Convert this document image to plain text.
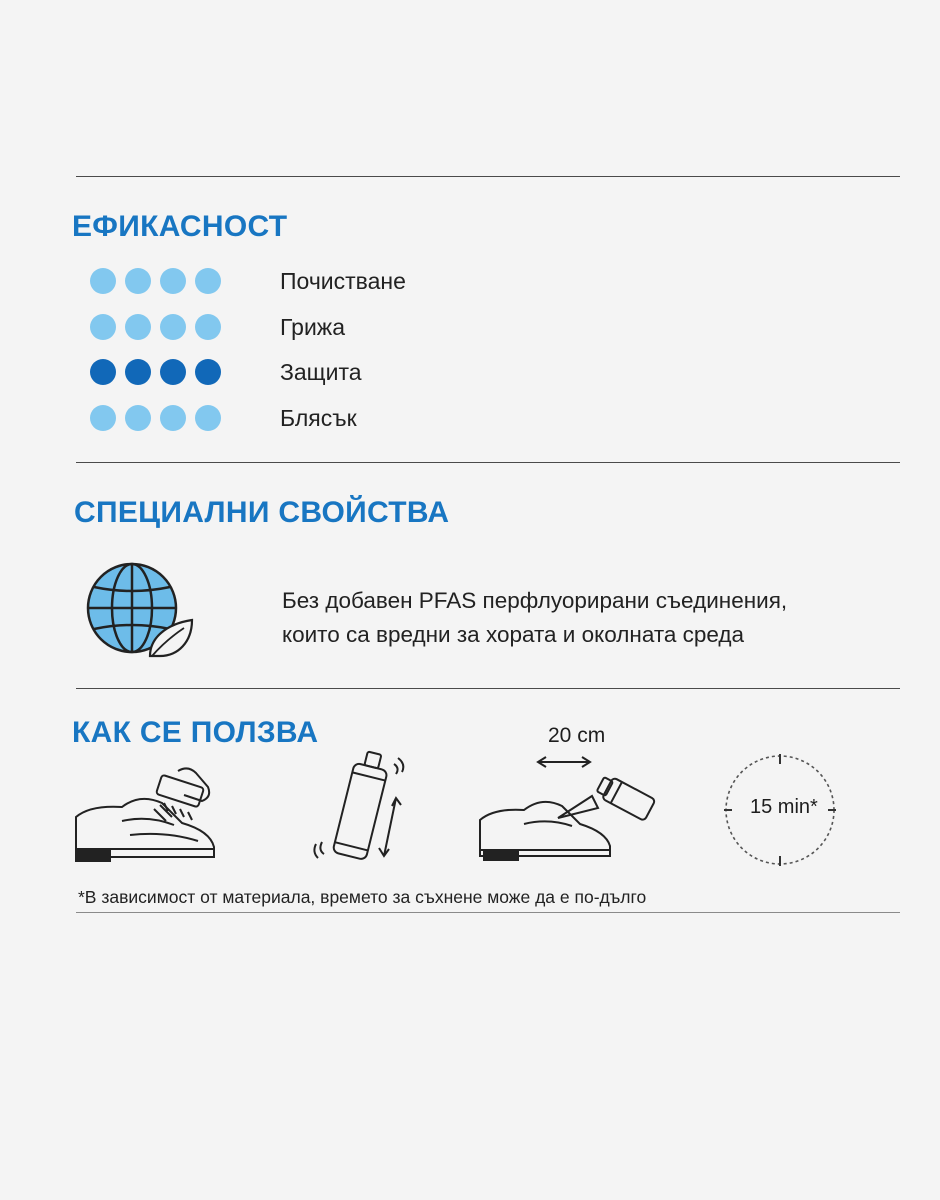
ЕФИКАСНОСТ
Почистване
Грижа
Защита
Блясък
СПЕЦИАЛНИ СВОЙСТВА
Без добавен PFAS перфлуорирани съединения,
които са вредни за хората и околната среда
КАК СЕ ПОЛЗВА	20 cm
15 min*
*В зависимост от материала, времето за съхнене може да е по-дълго
